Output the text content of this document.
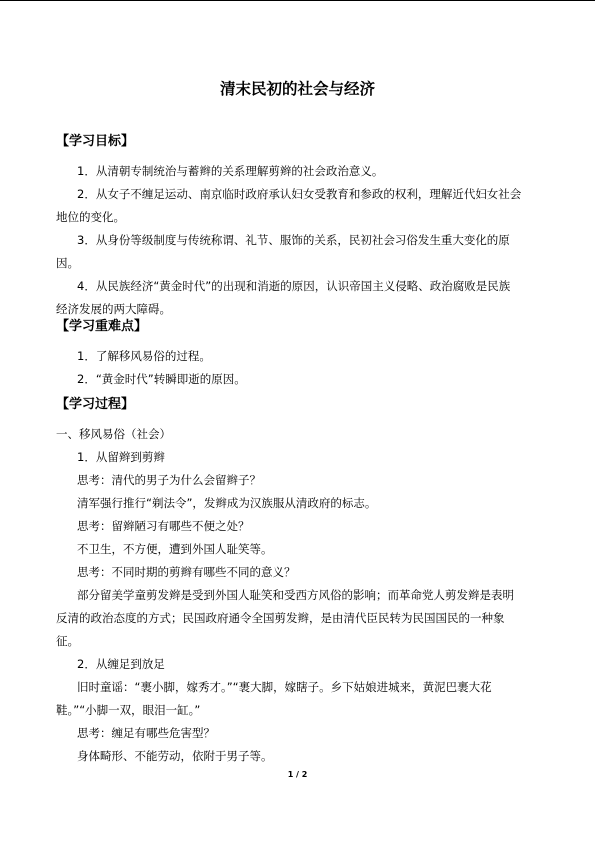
清末民初的社会与经济
【学习目标】
1．从清朝专制统治与蓄辫的关系理解剪辫的社会政治意义。
2．从女子不缠足运动、南京临时政府承认妇女受教育和参政的权利，理解近代妇女社会
地位的变化。
3．从身份等级制度与传统称谓、礼节、服饰的关系，民初社会习俗发生重大变化的原
因。
4．从民族经济“黄金时代”的出现和消逝的原因，认识帝国主义侵略、政治腐败是民族
经济发展的两大障碍。
【学习重难点】
1．了解移风易俗的过程。
2．“黄金时代”转瞬即逝的原因。
【学习过程】
一、移风易俗（社会）
1．从留辫到剪辫
思考：清代的男子为什么会留辫子？
清军强行推行“剃法令”，发辫成为汉族服从清政府的标志。
思考：留辫陋习有哪些不便之处？
不卫生，不方便，遭到外国人耻笑等。
思考：不同时期的剪辫有哪些不同的意义？
部分留美学童剪发辫是受到外国人耻笑和受西方风俗的影响；而革命党人剪发辫是表明
反清的政治态度的方式；民国政府通令全国剪发辫，是由清代臣民转为民国国民的一种象
征。
2．从缠足到放足
旧时童谣：“裹小脚，嫁秀才。”“裹大脚，嫁瞎子。乡下姑娘进城来，黄泥巴裹大花
鞋。”“小脚一双，眼泪一缸。”
思考：缠足有哪些危害型？
身体畸形、不能劳动，依附于男子等。
1 / 2
